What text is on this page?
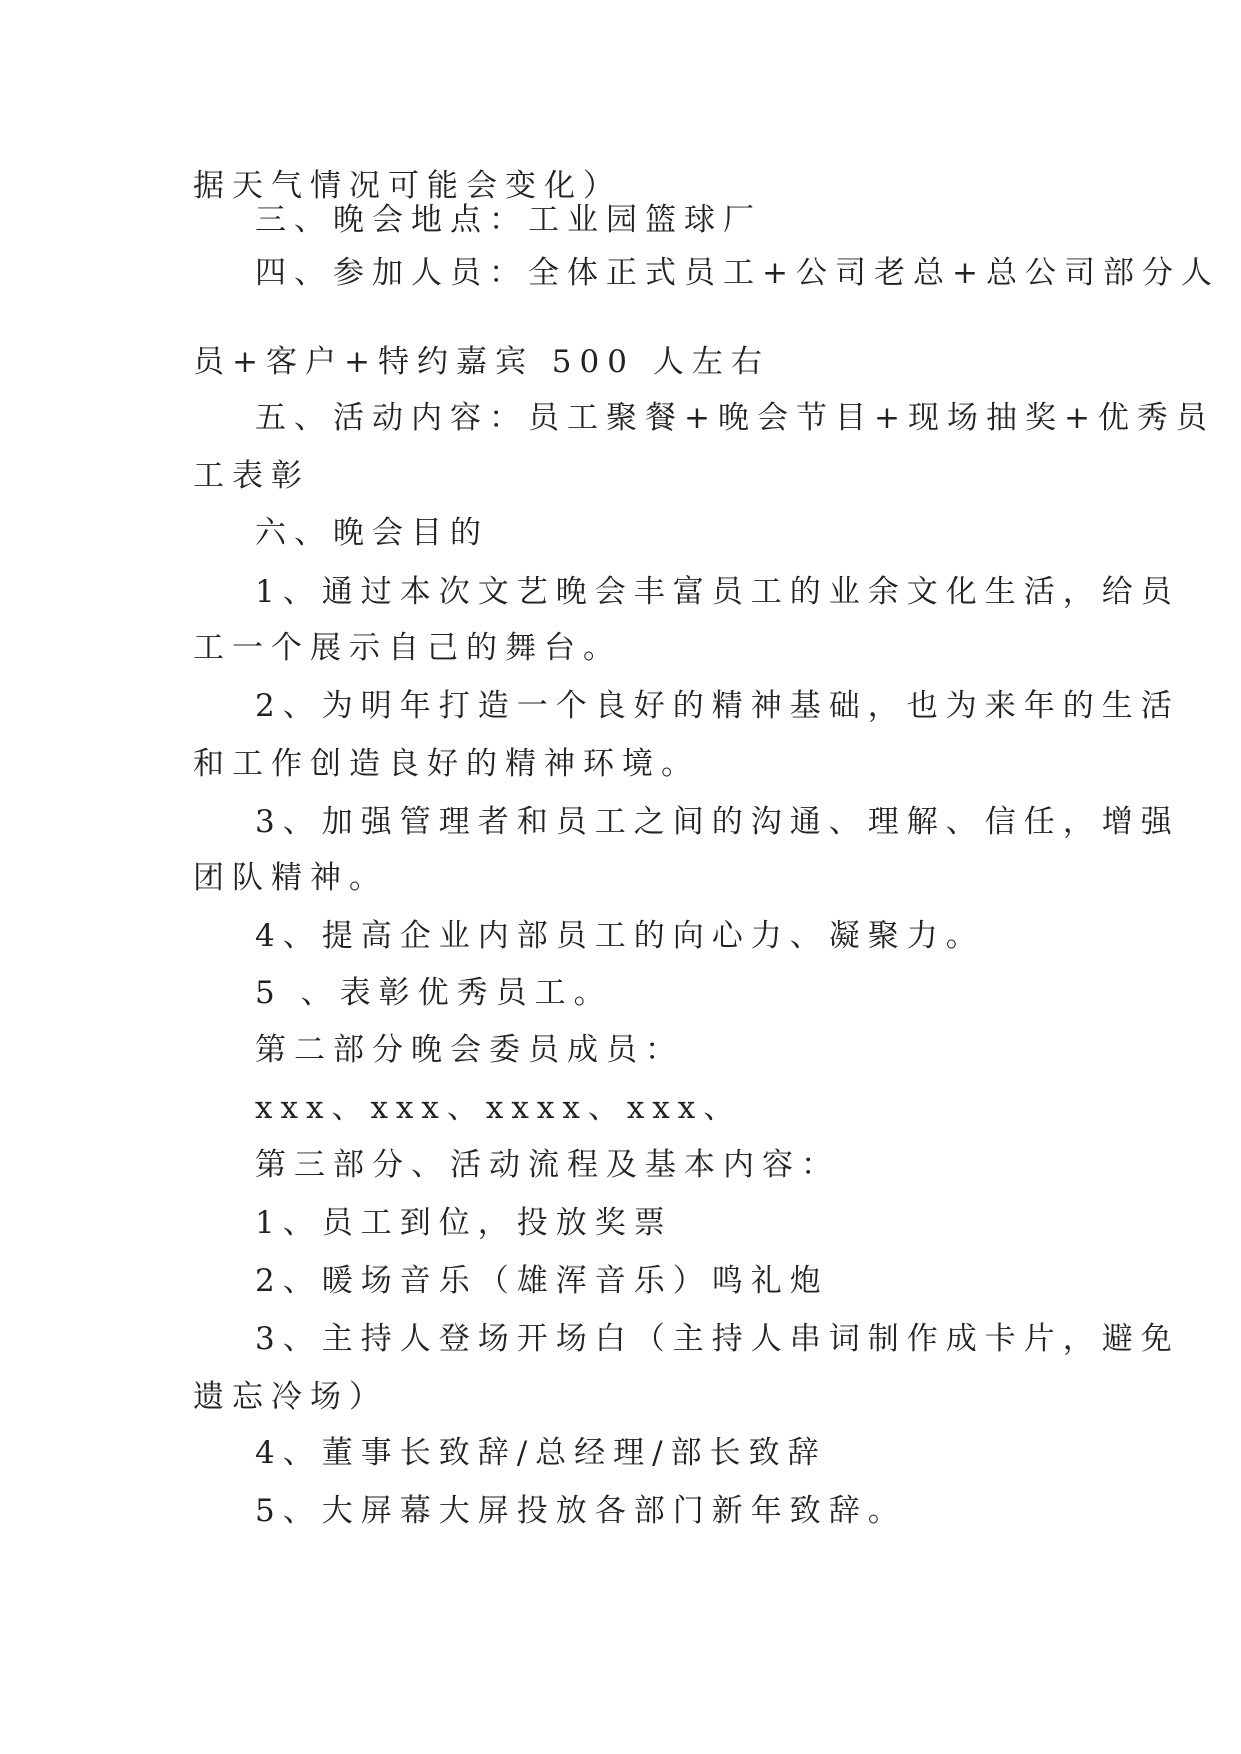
据天气情况可能会变化）
三、晚会地点：工业园篮球厂
四、参加人员：全体正式员工+公司老总+总公司部分人
员+客户+特约嘉宾 500 人左右
五、活动内容：员工聚餐+晚会节目+现场抽奖+优秀员
工表彰
六、晚会目的
1、通过本次文艺晚会丰富员工的业余文化生活，给员
工一个展示自己的舞台。
2、为明年打造一个良好的精神基础，也为来年的生活
和工作创造良好的精神环境。
3、加强管理者和员工之间的沟通、理解、信任，增强
团队精神。
4、提高企业内部员工的向心力、凝聚力。
5 、表彰优秀员工。
第二部分晚会委员成员：
xxx、xxx、xxxx、xxx、
第三部分、活动流程及基本内容：
1、员工到位，投放奖票
2、暖场音乐（雄浑音乐）鸣礼炮
3、主持人登场开场白（主持人串词制作成卡片，避免
遗忘冷场）
4、董事长致辞/总经理/部长致辞
5、大屏幕大屏投放各部门新年致辞。
